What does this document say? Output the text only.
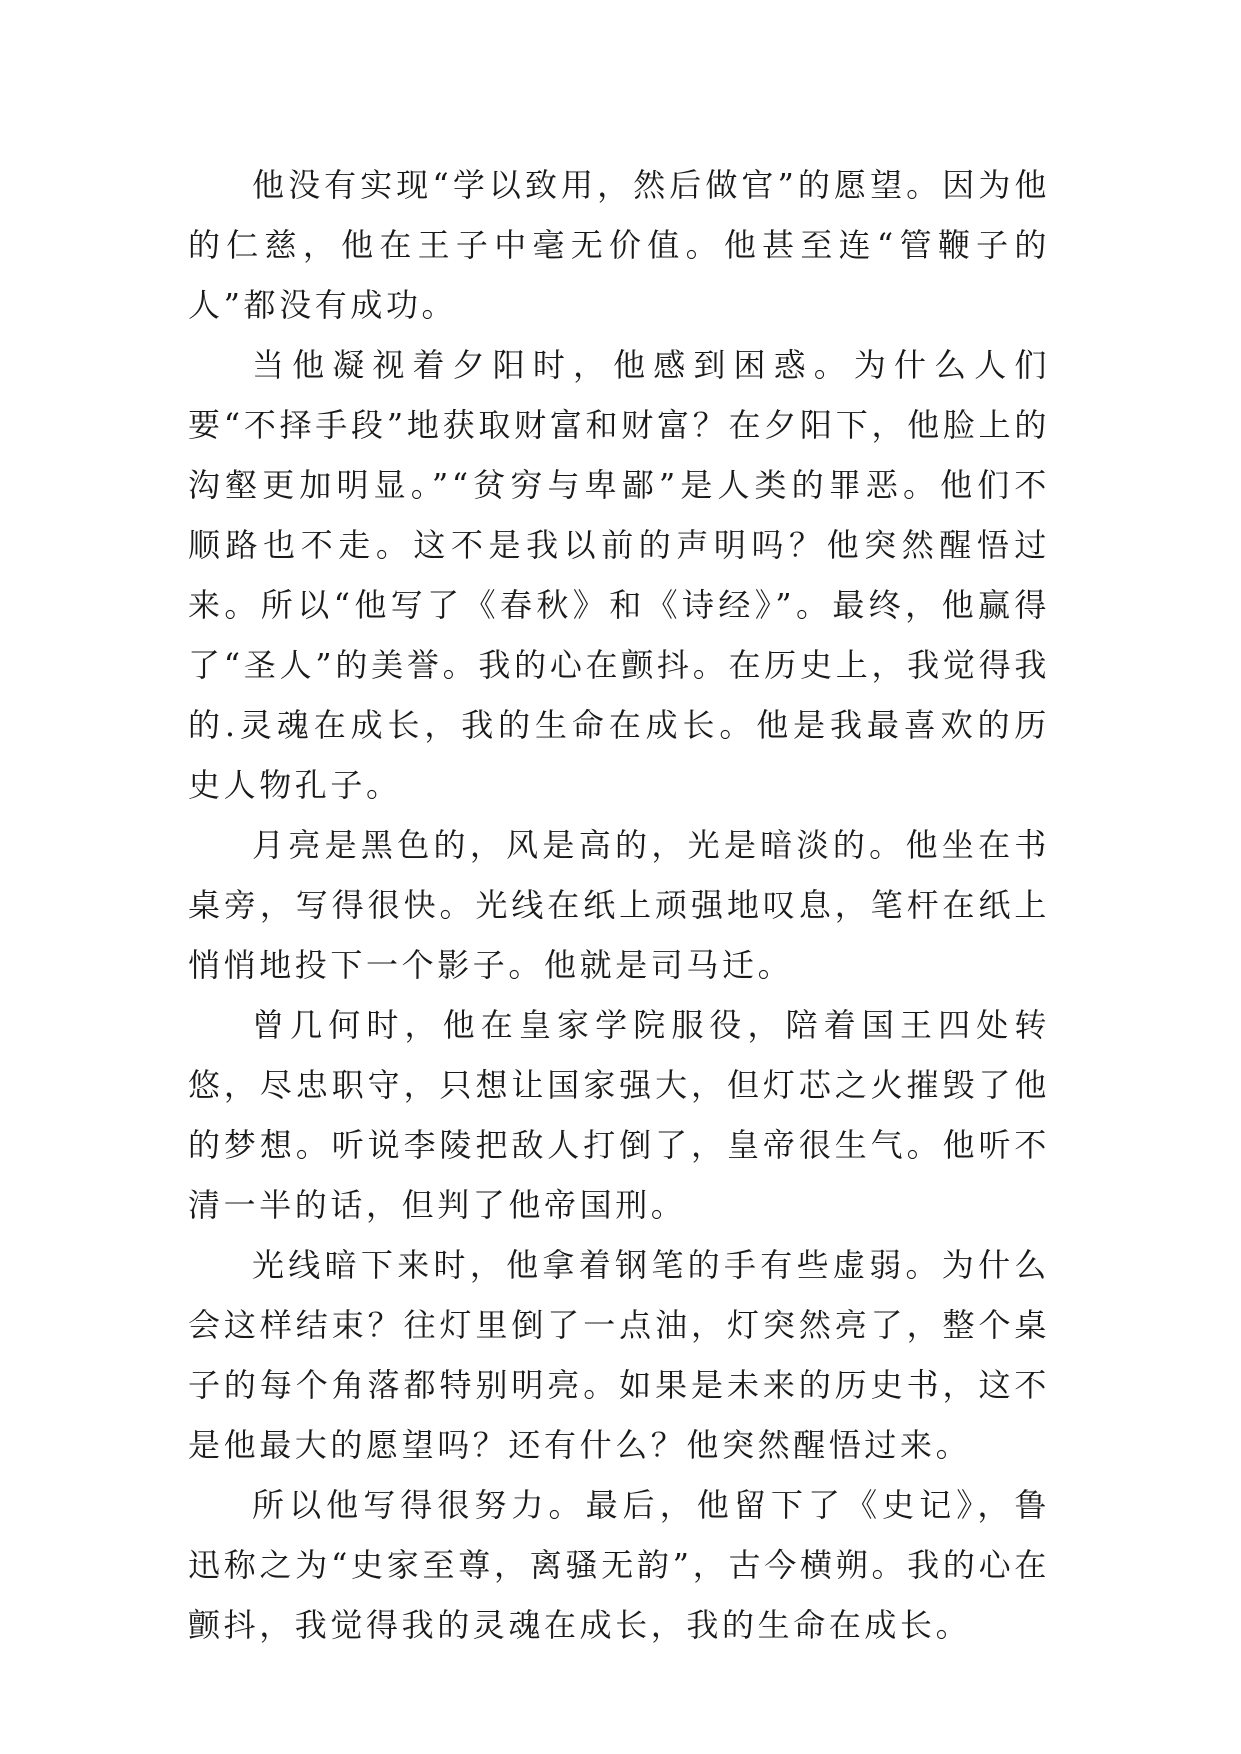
他没有实现“学以致用，然后做官”的愿望。因为他的仁慈，他在王子中毫无价值。他甚至连“管鞭子的人”都没有成功。

当他凝视着夕阳时，他感到困惑。为什么人们要“不择手段”地获取财富和财富？在夕阳下，他脸上的沟壑更加明显。”“贫穷与卑鄙”是人类的罪恶。他们不顺路也不走。这不是我以前的声明吗？他突然醒悟过来。所以“他写了《春秋》和《诗经》”。最终，他赢得了“圣人”的美誉。我的心在颤抖。在历史上，我觉得我的.灵魂在成长，我的生命在成长。他是我最喜欢的历史人物孔子。

月亮是黑色的，风是高的，光是暗淡的。他坐在书桌旁，写得很快。光线在纸上顽强地叹息，笔杆在纸上悄悄地投下一个影子。他就是司马迁。

曾几何时，他在皇家学院服役，陪着国王四处转悠，尽忠职守，只想让国家强大，但灯芯之火摧毁了他的梦想。听说李陵把敌人打倒了，皇帝很生气。他听不清一半的话，但判了他帝国刑。

光线暗下来时，他拿着钢笔的手有些虚弱。为什么会这样结束？往灯里倒了一点油，灯突然亮了，整个桌子的每个角落都特别明亮。如果是未来的历史书，这不是他最大的愿望吗？还有什么？他突然醒悟过来。

所以他写得很努力。最后，他留下了《史记》，鲁迅称之为“史家至尊，离骚无韵”，古今横朔。我的心在颤抖，我觉得我的灵魂在成长，我的生命在成长。
